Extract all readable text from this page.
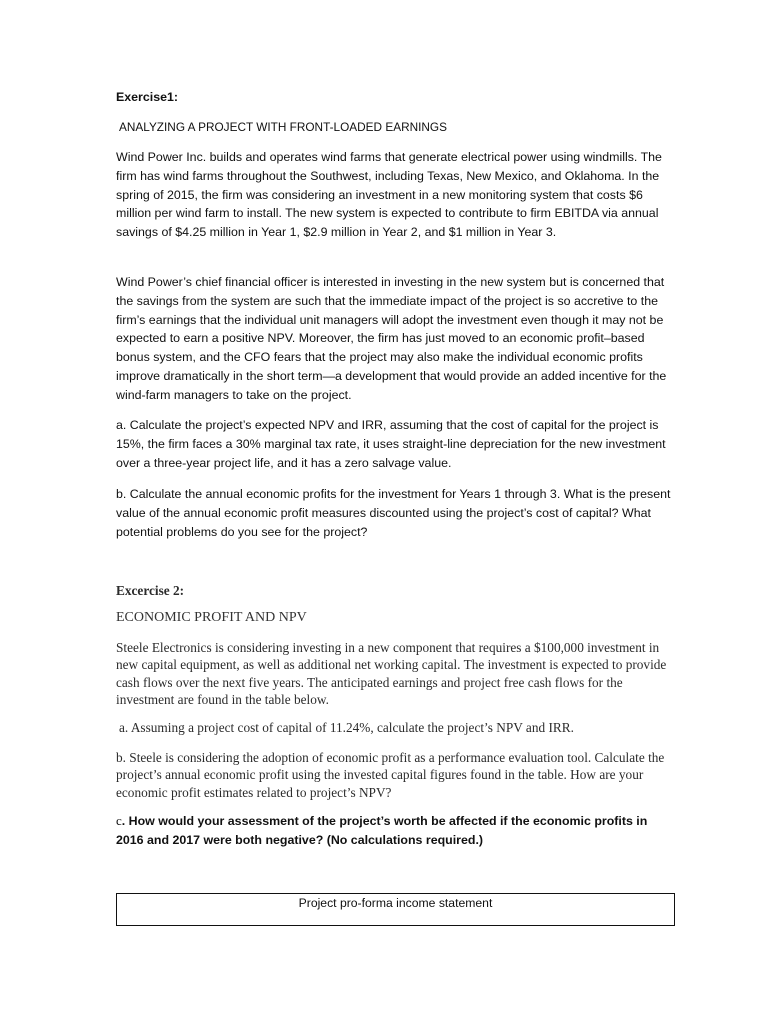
Exercise1:

ANALYZING A PROJECT WITH FRONT-LOADED EARNINGS

Wind Power Inc. builds and operates wind farms that generate electrical power using windmills. The firm has wind farms throughout the Southwest, including Texas, New Mexico, and Oklahoma. In the spring of 2015, the firm was considering an investment in a new monitoring system that costs $6 million per wind farm to install. The new system is expected to contribute to firm EBITDA via annual savings of $4.25 million in Year 1, $2.9 million in Year 2, and $1 million in Year 3.

Wind Power’s chief financial officer is interested in investing in the new system but is concerned that the savings from the system are such that the immediate impact of the project is so accretive to the firm’s earnings that the individual unit managers will adopt the investment even though it may not be expected to earn a positive NPV. Moreover, the firm has just moved to an economic profit–based bonus system, and the CFO fears that the project may also make the individual economic profits improve dramatically in the short term—a development that would provide an added incentive for the wind-farm managers to take on the project.

a. Calculate the project’s expected NPV and IRR, assuming that the cost of capital for the project is 15%, the firm faces a 30% marginal tax rate, it uses straight-line depreciation for the new investment over a three-year project life, and it has a zero salvage value.

b. Calculate the annual economic profits for the investment for Years 1 through 3. What is the present value of the annual economic profit measures discounted using the project’s cost of capital? What potential problems do you see for the project?

Excercise 2:

ECONOMIC PROFIT AND NPV

Steele Electronics is considering investing in a new component that requires a $100,000 investment in new capital equipment, as well as additional net working capital. The investment is expected to provide cash flows over the next five years. The anticipated earnings and project free cash flows for the investment are found in the table below.

a. Assuming a project cost of capital of 11.24%, calculate the project’s NPV and IRR.

b. Steele is considering the adoption of economic profit as a performance evaluation tool. Calculate the project’s annual economic profit using the invested capital figures found in the table. How are your economic profit estimates related to project’s NPV?

c. How would your assessment of the project’s worth be affected if the economic profits in 2016 and 2017 were both negative? (No calculations required.)

Project pro-forma income statement
